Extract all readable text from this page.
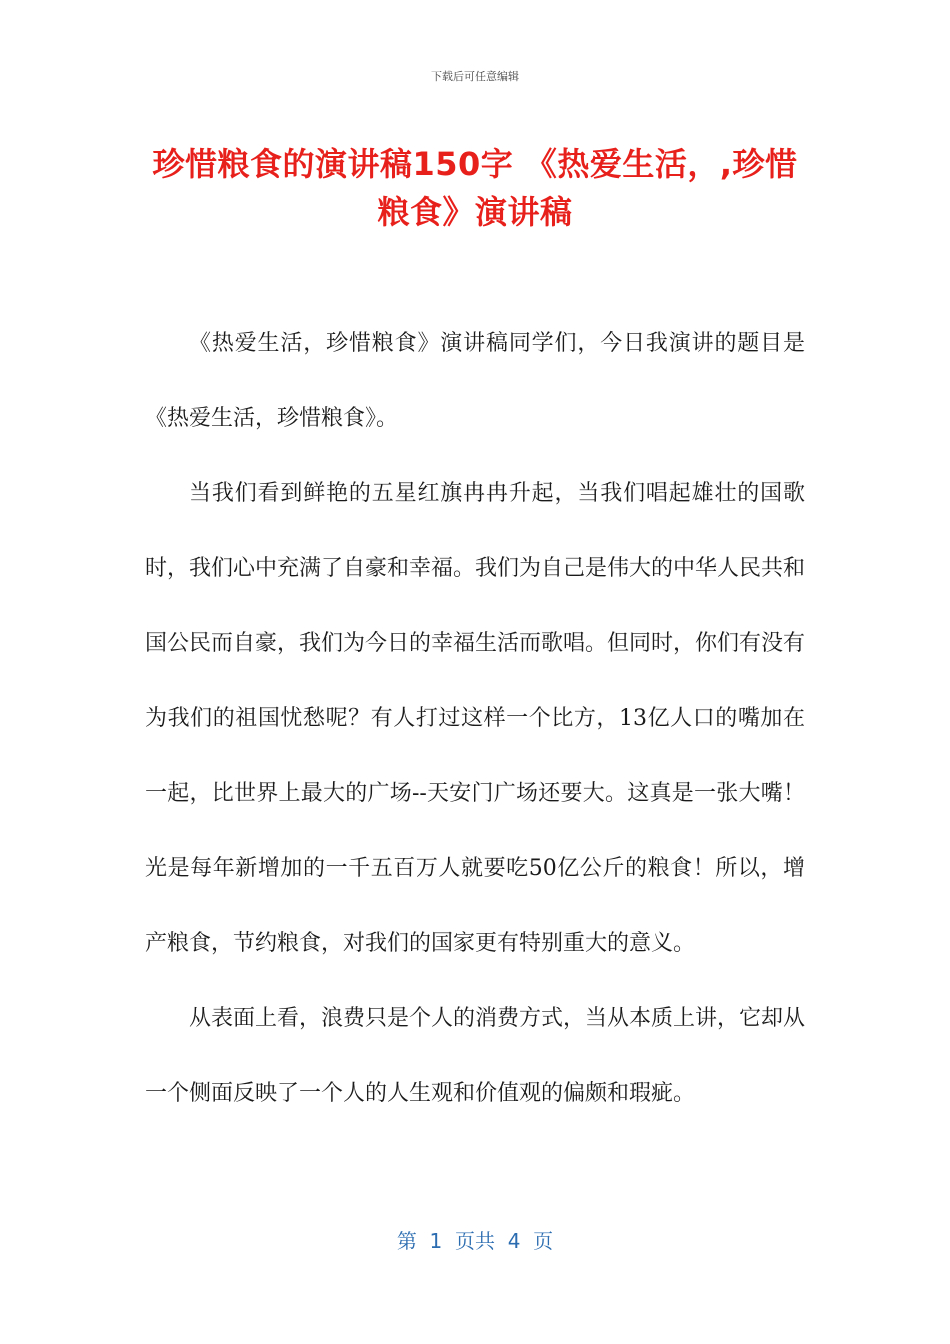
下载后可任意编辑
珍惜粮食的演讲稿150字 《热爱生活，,珍惜粮食》演讲稿

《热爱生活，珍惜粮食》演讲稿同学们，今日我演讲的题目是《热爱生活，珍惜粮食》。

当我们看到鲜艳的五星红旗冉冉升起，当我们唱起雄壮的国歌时，我们心中充满了自豪和幸福。我们为自己是伟大的中华人民共和国公民而自豪，我们为今日的幸福生活而歌唱。但同时，你们有没有为我们的祖国忧愁呢？有人打过这样一个比方，13亿人口的嘴加在一起，比世界上最大的广场--天安门广场还要大。这真是一张大嘴！光是每年新增加的一千五百万人就要吃50亿公斤的粮食！所以，增产粮食，节约粮食，对我们的国家更有特别重大的意义。

从表面上看，浪费只是个人的消费方式，当从本质上讲，它却从一个侧面反映了一个人的人生观和价值观的偏颇和瑕疵。

第  1  页共  4  页
